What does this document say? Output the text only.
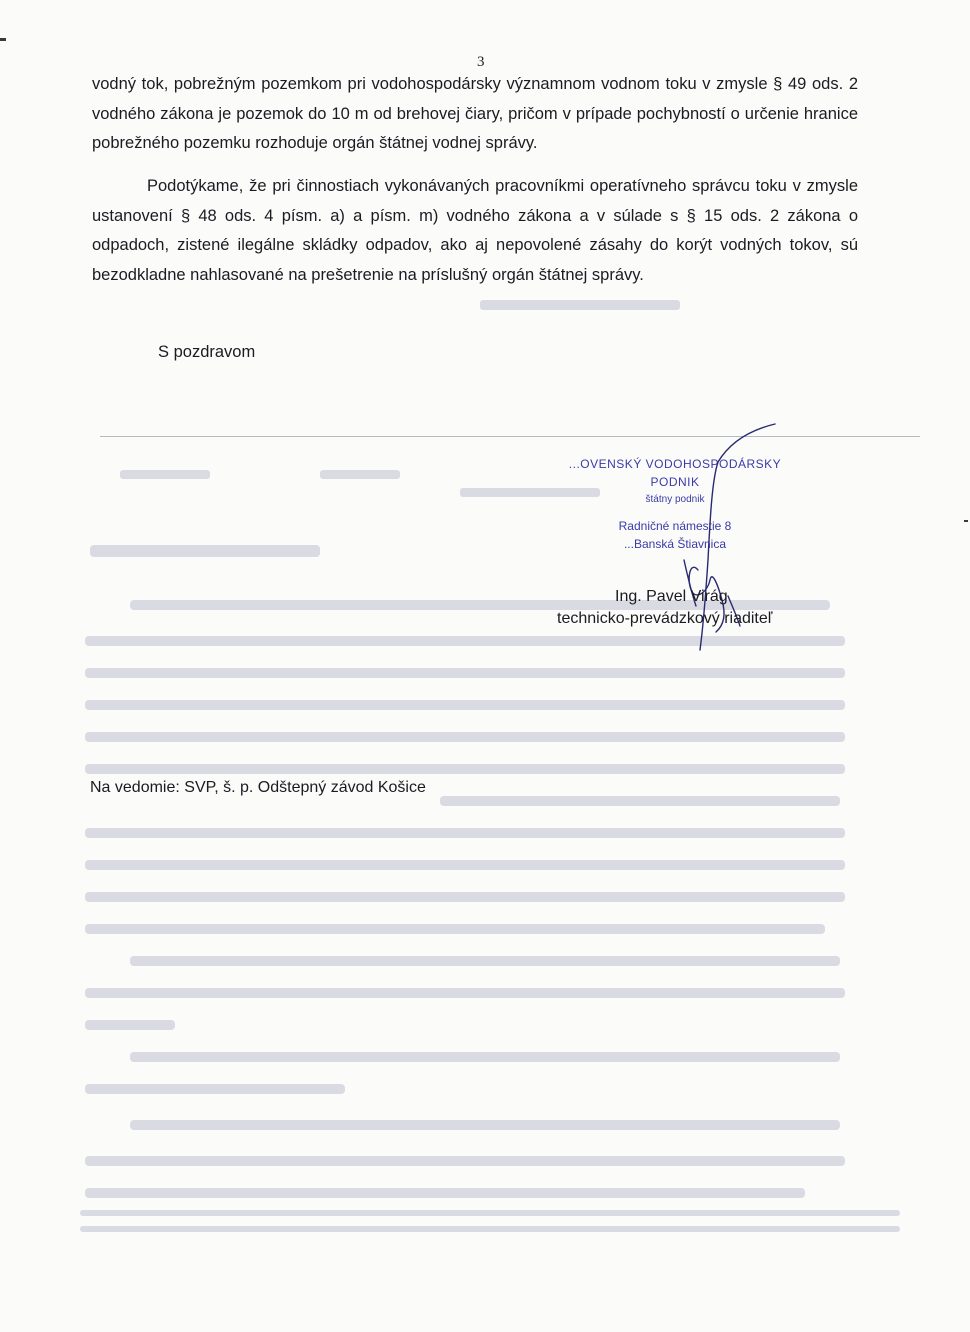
3
vodný tok, pobrežným pozemkom pri vodohospodársky významnom vodnom toku v zmysle § 49 ods. 2 vodného zákona je pozemok do 10 m od brehovej čiary, pričom v prípade pochybností o určenie hranice pobrežného pozemku rozhoduje orgán štátnej vodnej správy.
Podotýkame, že pri činnostiach vykonávaných pracovníkmi operatívneho správcu toku v zmysle ustanovení § 48 ods. 4 písm. a) a písm. m) vodného zákona a v súlade s § 15 ods. 2 zákona o odpadoch, zistené ilegálne skládky odpadov, ako aj nepovolené zásahy do korýt vodných tokov, sú bezodkladne nahlasované na prešetrenie na príslušný orgán štátnej správy.
S pozdravom
...OVENSKÝ VODOHOSPODÁRSKY PODNIK
štátny podnik
Radničné námestie 8
...Banská Štiavnica
Ing. Pavel Virág
technicko-prevádzkový riaditeľ
Na vedomie: SVP, š. p. Odštepný závod Košice
